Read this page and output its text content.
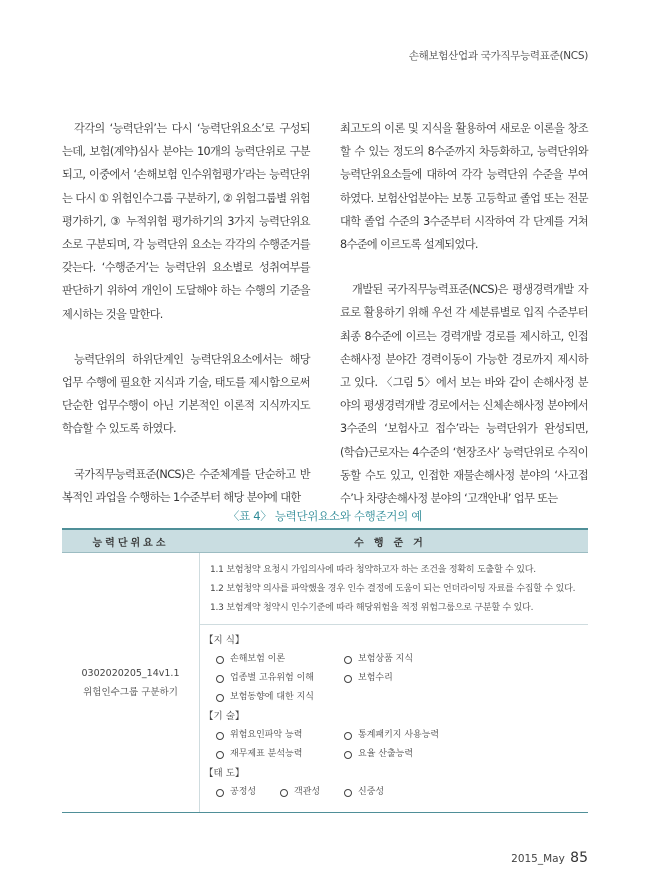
손해보험산업과 국가직무능력표준(NCS)

각각의 ‘능력단위’는 다시 ‘능력단위요소’로 구성되는데, 보험(계약)심사 분야는 10개의 능력단위로 구분되고, 이중에서 ‘손해보험 인수위험평가’라는 능력단위는 다시 ① 위험인수그룹 구분하기, ② 위험그룹별 위험평가하기, ③ 누적위험 평가하기의 3가지 능력단위요소로 구분되며, 각 능력단위 요소는 각각의 수행준거를 갖는다. ‘수행준거’는 능력단위 요소별로 성취여부를 판단하기 위하여 개인이 도달해야 하는 수행의 기준을 제시하는 것을 말한다.

능력단위의 하위단계인 능력단위요소에서는 해당 업무 수행에 필요한 지식과 기술, 태도를 제시함으로써 단순한 업무수행이 아닌 기본적인 이론적 지식까지도 학습할 수 있도록 하였다.

국가직무능력표준(NCS)은 수준체계를 단순하고 반복적인 과업을 수행하는 1수준부터 해당 분야에 대한

최고도의 이론 및 지식을 활용하여 새로운 이론을 창조할 수 있는 정도의 8수준까지 차등화하고, 능력단위와 능력단위요소들에 대하여 각각 능력단위 수준을 부여하였다. 보험산업분야는 보통 고등학교 졸업 또는 전문대학 졸업 수준의 3수준부터 시작하여 각 단계를 거쳐 8수준에 이르도록 설계되었다.

개발된 국가직무능력표준(NCS)은 평생경력개발 자료로 활용하기 위해 우선 각 세분류별로 입직 수준부터 최종 8수준에 이르는 경력개발 경로를 제시하고, 인접 손해사정 분야간 경력이동이 가능한 경로까지 제시하고 있다. 〈그림 5〉에서 보는 바와 같이 손해사정 분야의 평생경력개발 경로에서는 신체손해사정 분야에서 3수준의 ‘보험사고 접수’라는 능력단위가 완성되면, (학습)근로자는 4수준의 ‘현장조사’ 능력단위로 수직이동할 수도 있고, 인접한 재물손해사정 분야의 ‘사고접수’나 차량손해사정 분야의 ‘고객안내’ 업무 또는

〈표 4〉 능력단위요소와 수행준거의 예
능력단위요소	수행준거
0302020205_14v1.1
위험인수그룹 구분하기
1.1 보험청약 요청시 가입의사에 따라 청약하고자 하는 조건을 정확히 도출할 수 있다.
1.2 보험청약 의사를 파악했을 경우 인수 결정에 도움이 되는 언더라이팅 자료를 수집할 수 있다.
1.3 보험계약 청약시 인수기준에 따라 해당위험을 적정 위험그룹으로 구분할 수 있다.
【지 식】
손해보험 이론	보험상품 지식
업종별 고유위험 이해	보험수리
보험동향에 대한 지식
【기 술】
위험요인파악 능력	통계패키지 사용능력
재무제표 분석능력	요율 산출능력
【태 도】
공정성	객관성	신중성
2015_May 85
